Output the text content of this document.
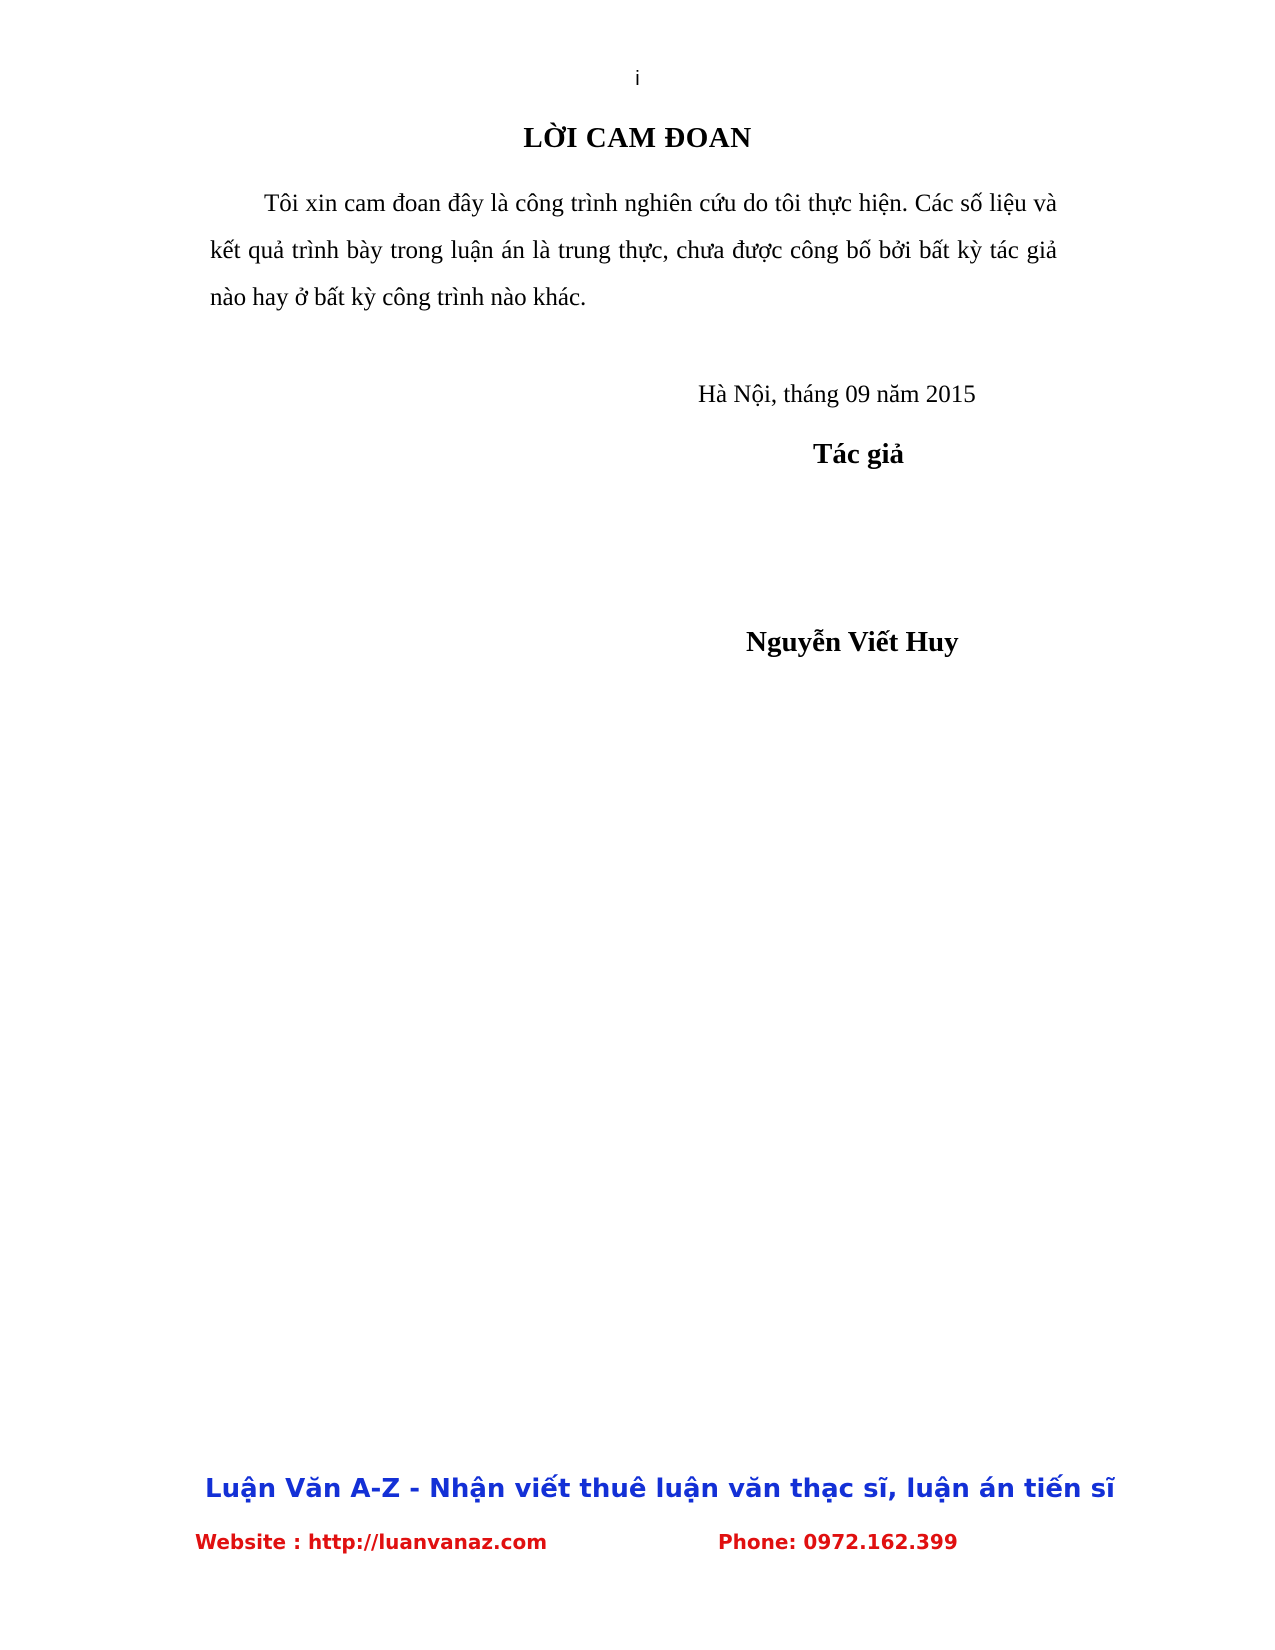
i
LỜI CAM ĐOAN

Tôi xin cam đoan đây là công trình nghiên cứu do tôi thực hiện. Các số liệu và kết quả trình bày trong luận án là trung thực, chưa được công bố bởi bất kỳ tác giả nào hay ở bất kỳ công trình nào khác.

Hà Nội, tháng 09 năm 2015
Tác giả
Nguyễn Viết Huy
Luận Văn A-Z - Nhận viết thuê luận văn thạc sĩ, luận án tiến sĩ
Website : http://luanvanaz.com	Phone: 0972.162.399
